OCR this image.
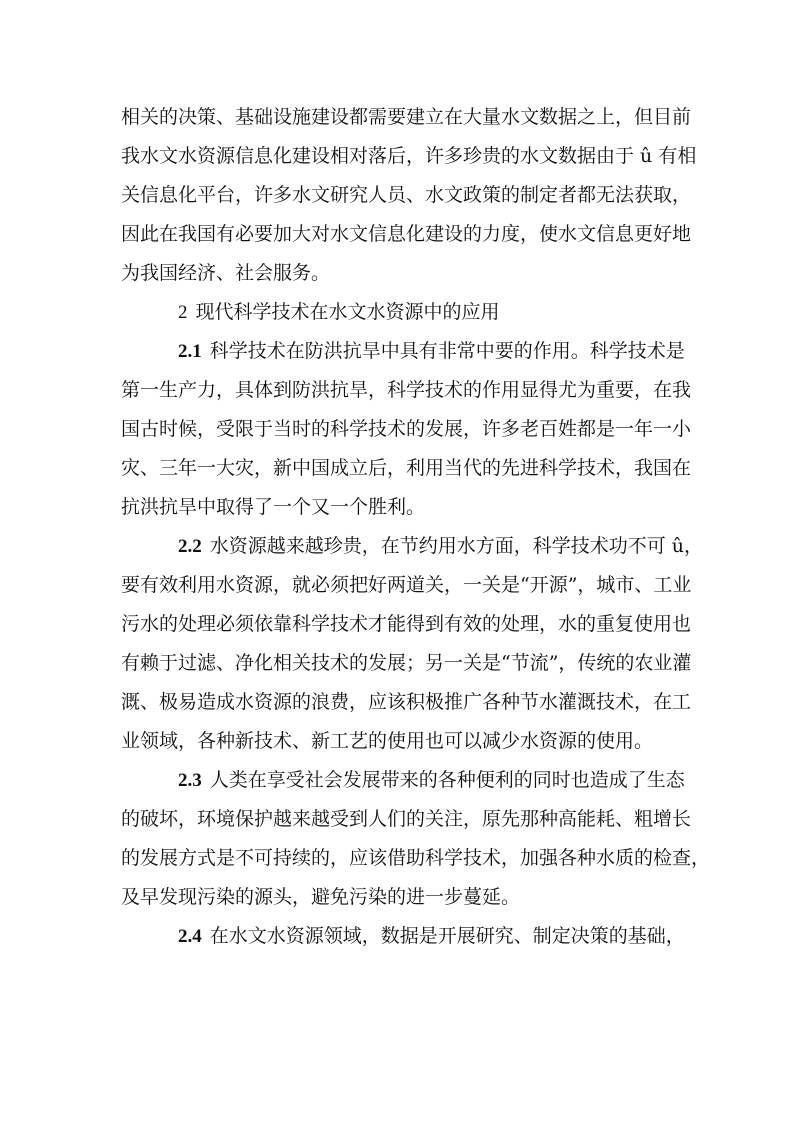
相关的决策、基础设施建设都需要建立在大量水文数据之上，但目前
我水文水资源信息化建设相对落后，许多珍贵的水文数据由于 û 有相
关信息化平台，许多水文研究人员、水文政策的制定者都无法获取，
因此在我国有必要加大对水文信息化建设的力度，使水文信息更好地
为我国经济、社会服务。
2 现代科学技术在水文水资源中的应用
2.1 科学技术在防洪抗旱中具有非常中要的作用。科学技术是
第一生产力，具体到防洪抗旱，科学技术的作用显得尤为重要，在我
国古时候，受限于当时的科学技术的发展，许多老百姓都是一年一小
灾、三年一大灾，新中国成立后，利用当代的先进科学技术，我国在
抗洪抗旱中取得了一个又一个胜利。
2.2 水资源越来越珍贵，在节约用水方面，科学技术功不可 û，
要有效利用水资源，就必须把好两道关，一关是“开源”，城市、工业
污水的处理必须依靠科学技术才能得到有效的处理，水的重复使用也
有赖于过滤、净化相关技术的发展；另一关是“节流”，传统的农业灌
溉、极易造成水资源的浪费，应该积极推广各种节水灌溉技术，在工
业领域，各种新技术、新工艺的使用也可以减少水资源的使用。
2.3 人类在享受社会发展带来的各种便利的同时也造成了生态
的破坏，环境保护越来越受到人们的关注，原先那种高能耗、粗增长
的发展方式是不可持续的，应该借助科学技术，加强各种水质的检查，
及早发现污染的源头，避免污染的进一步蔓延。
2.4 在水文水资源领域，数据是开展研究、制定决策的基础，
